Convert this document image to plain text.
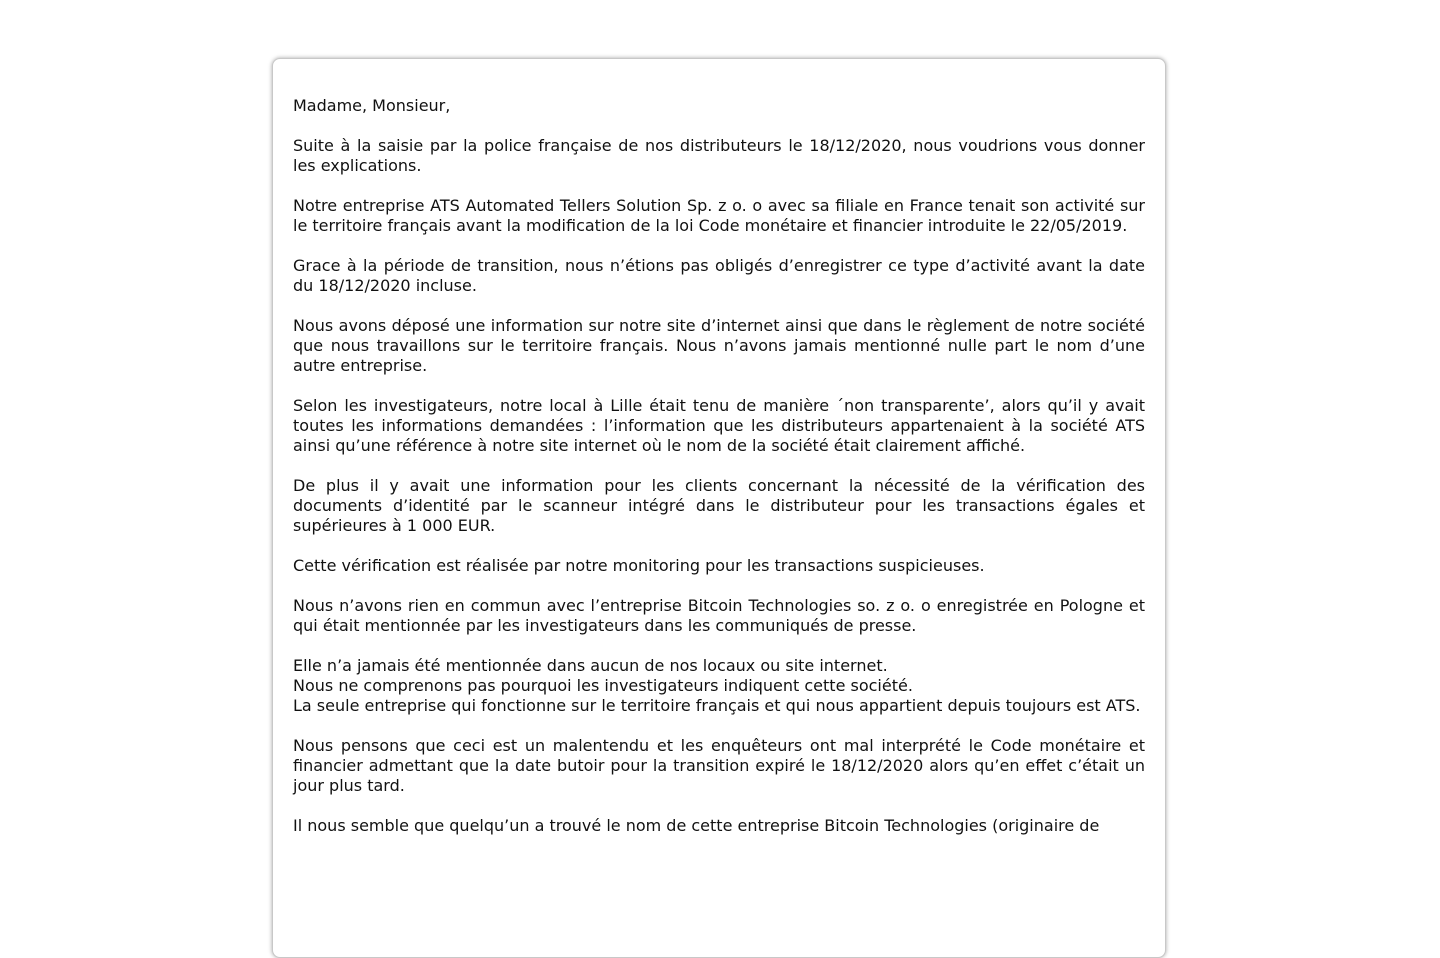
Madame, Monsieur,

Suite à la saisie par la police française de nos distributeurs le 18/12/2020, nous voudrions vous donner les explications.

Notre entreprise ATS Automated Tellers Solution Sp. z o. o avec sa filiale en France tenait son activité sur le territoire français avant la modification de la loi Code monétaire et financier introduite le 22/05/2019.

Grace à la période de transition, nous n’étions pas obligés d’enregistrer ce type d’activité avant la date du 18/12/2020 incluse.

Nous avons déposé une information sur notre site d’internet ainsi que dans le règlement de notre société que nous travaillons sur le territoire français. Nous n’avons jamais mentionné nulle part le nom d’une autre entreprise.

Selon les investigateurs, notre local à Lille était tenu de manière ´non transparente’, alors qu’il y avait toutes les informations demandées : l’information que les distributeurs appartenaient à la société ATS ainsi qu’une référence à notre site internet où le nom de la société était clairement affiché.

De plus il y avait une information pour les clients concernant la nécessité de la vérification des documents d’identité par le scanneur intégré dans le distributeur pour les transactions égales et supérieures à 1 000 EUR.

Cette vérification est réalisée par notre monitoring pour les transactions suspicieuses.

Nous n’avons rien en commun avec l’entreprise Bitcoin Technologies so. z o. o enregistrée en Pologne et qui était mentionnée par les investigateurs dans les communiqués de presse.

Elle n’a jamais été mentionnée dans aucun de nos locaux ou site internet.

Nous ne comprenons pas pourquoi les investigateurs indiquent cette société.

La seule entreprise qui fonctionne sur le territoire français et qui nous appartient depuis toujours est ATS.

Nous pensons que ceci est un malentendu et les enquêteurs ont mal interprété le Code monétaire et financier admettant que la date butoir pour la transition expiré le 18/12/2020 alors qu’en effet c’était un jour plus tard.

Il nous semble que quelqu’un a trouvé le nom de cette entreprise Bitcoin Technologies (originaire de
